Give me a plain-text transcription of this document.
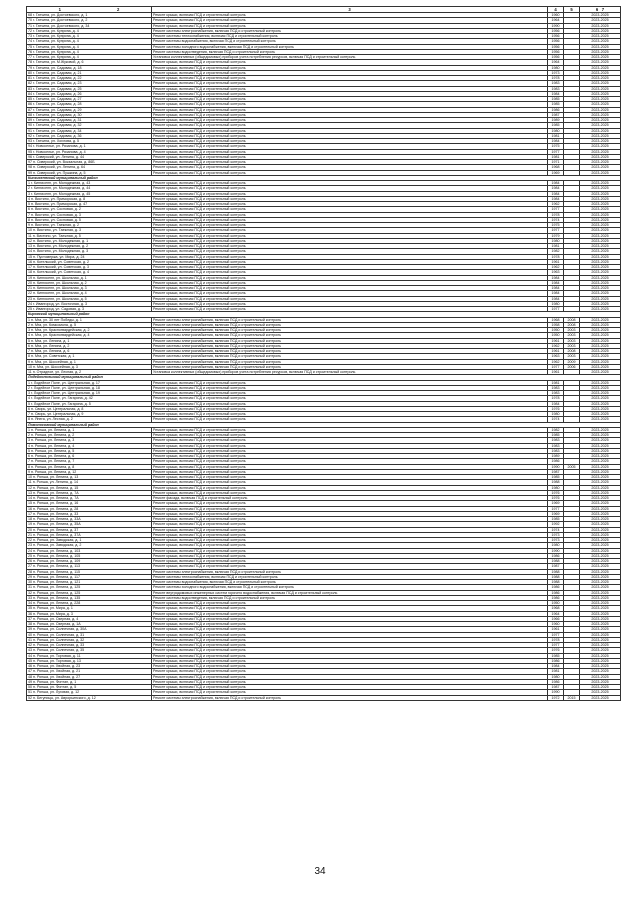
1 2	3	4	5	6 7
68 г. Гатчина, ул. Достоевского, д. 1	Ремонт крыши, включая ПСД и строительный контроль	1960		2023-2025
70 г. Гатчина, ул. Достоевского, д. 2	Ремонт крыши, включая ПСД и строительный контроль	1964		2023-2025
71 г. Гатчина, ул. Достоевского, д. 34	Ремонт крыши, включая ПСД и строительный контроль	1990		2023-2025
72 г. Гатчина, ул. Куприна, д. 4	Ремонт системы электроснабжения, включая ПСД и строительный контроль	1956		2023-2025
73 г. Гатчина, ул. Куприна, д. 4	Ремонт системы теплоснабжения, включая ПСД и строительный контроль	1956		2023-2025
74 г. Гатчина, ул. Куприна, д. 4	Ремонт системы водоснабжения, включая ПСД и строительный контроль	1956		2023-2025
75 г. Гатчина, ул. Куприна, д. 4	Ремонт системы холодного водоснабжения, включая ПСД и строительный контроль	1956		2023-2025
76 г. Гатчина, ул. Куприна, д. 4	Ремонт системы водоотведения, включая ПСД и строительный контроль	1956		2023-2025
77 г. Гатчина, ул. Куприна, д. 4	Установка коллективных (общедомовых) приборов учета потребления ресурсов, включая ПСД и строительный контроль	1956		2023-2025
78 г. Гатчина, ул. М.Жуковой, д. 6	Ремонт крыши, включая ПСД и строительный контроль	1964		2023-2025
79 г. Гатчина, ул. Садовая, д. 18	Ремонт крыши, включая ПСД и строительный контроль	1980		2023-2025
80 г. Гатчина, ул. Садовая, д. 21	Ремонт крыши, включая ПСД и строительный контроль	1973		2023-2025
81 г. Гатчина, ул. Садовая, д. 22	Ремонт крыши, включая ПСД и строительный контроль	1978		2023-2025
82 г. Гатчина, ул. Садовая, д. 23	Ремонт крыши, включая ПСД и строительный контроль	1983		2023-2025
83 г. Гатчина, ул. Садовая, д. 25	Ремонт крыши, включая ПСД и строительный контроль	1983		2023-2025
84 г. Гатчина, ул. Садовая, д. 26	Ремонт крыши, включая ПСД и строительный контроль	1984		2023-2025
85 г. Гатчина, ул. Садовая, д. 27	Ремонт крыши, включая ПСД и строительный контроль	1985		2023-2025
86 г. Гатчина, ул. Садовая, д. 28	Ремонт крыши, включая ПСД и строительный контроль	1985		2023-2025
87 г. Гатчина, ул. Садовая, д. 29	Ремонт крыши, включая ПСД и строительный контроль	1986		2023-2025
88 г. Гатчина, ул. Садовая, д. 30	Ремонт крыши, включая ПСД и строительный контроль	1987		2023-2025
89 г. Гатчина, ул. Садовая, д. 31	Ремонт крыши, включая ПСД и строительный контроль	1989		2023-2025
90 г. Гатчина, ул. Садовая, д. 32	Ремонт крыши, включая ПСД и строительный контроль	1985		2023-2025
91 г. Гатчина, ул. Садовая, д. 34	Ремонт крыши, включая ПСД и строительный контроль	1980		2023-2025
92 г. Гатчина, ул. Садовая, д. 36	Ремонт крыши, включая ПСД и строительный контроль	1981		2023-2025
93 г. Гатчина, ул. Хохлова, д. 5	Ремонт крыши, включая ПСД и строительный контроль	1984		2023-2025
94 г. Новоселье, ул. Рязанова, д. 1	Ремонт крыши, включая ПСД и строительный контроль	1975		2023-2025
95 г. Новоселье, ул. Рязанова, д. 4	Ремонт крыши, включая ПСД и строительный контроль	1977		2023-2025
96 г. Сиверский, ул. Ленина, д. 44	Ремонт крыши, включая ПСД и строительный контроль	1981		2023-2025
97 п. Сиверский, ул. Вокзальная, д. 86Б	Ремонт крыши, включая ПСД и строительный контроль	1971		2023-2025
98 п. Сиверский, ул. Ленина, д. 64	Ремонт крыши, включая ПСД и строительный контроль	1968		2023-2025
99 п. Сиверский, ул. Пушкина, д. 5	Ремонт крыши, включая ПСД и строительный контроль	1969		2023-2025
Кингисеппский муниципальный район				
1 г. Кингисепп, ул. Молодежная, д. 43	Ремонт крыши, включая ПСД и строительный контроль	1984		2023-2025
2 г. Кингисепп, ул. Молодежная, д. 44	Ремонт крыши, включая ПСД и строительный контроль	1984		2023-2025
3 г. Кингисепп, ул. Молодежная, д. 45	Ремонт крыши, включая ПСД и строительный контроль	1984		2023-2025
4 п. Вистино, ул. Приморская, д. 8	Ремонт крыши, включая ПСД и строительный контроль	1984		2023-2025
5 п. Вистино, ул. Приморская, д. 47	Ремонт крыши, включая ПСД и строительный контроль	1962		2023-2025
6 п. Вистино, ул. Сосновая, д. 2	Ремонт крыши, включая ПСД и строительный контроль	1977		2023-2025
7 п. Вистино, ул. Сосновая, д. 3	Ремонт крыши, включая ПСД и строительный контроль	1978		2023-2025
8 п. Вистино, ул. Сосновая, д. 5	Ремонт крыши, включая ПСД и строительный контроль	1974		2023-2025
9 п. Вистино, ул. Таежная, д. 2	Ремонт крыши, включая ПСД и строительный контроль	1975		2023-2025
10 п. Вистино, ул. Таежная, д. 3	Ремонт крыши, включая ПСД и строительный контроль	1977		2023-2025
11 п. Вистино, ул. Таежная, д. 5	Ремонт крыши, включая ПСД и строительный контроль	1979		2023-2025
12 п. Вистино, ул. Молодежная, д. 1	Ремонт крыши, включая ПСД и строительный контроль	1980		2023-2025
13 п. Вистино, ул. Молодежная, д. 2	Ремонт крыши, включая ПСД и строительный контроль	1981		2023-2025
14 п. Вистино, ул. Молодежная, д. 3	Ремонт крыши, включая ПСД и строительный контроль	1982		2023-2025
15 п. Пустомержа, ул. Мира, д. 24	Ремонт крыши, включая ПСД и строительный контроль	1978		2023-2025
16 п. Котельский, ул. Советская, д. 2	Ремонт крыши, включая ПСД и строительный контроль	1961		2023-2025
17 п. Котельский, ул. Советская, д. 3	Ремонт крыши, включая ПСД и строительный контроль	1962		2023-2025
18 п. Котельский, ул. Советская, д. 4	Ремонт крыши, включая ПСД и строительный контроль	1963		2023-2025
19 п. Кингисепп, ул. Школьная, д. 1	Ремонт крыши, включая ПСД и строительный контроль	1984		2023-2025
20 п. Кингисепп, ул. Школьная, д. 2	Ремонт крыши, включая ПСД и строительный контроль	1984		2023-2025
21 п. Кингисепп, ул. Школьная, д. 3	Ремонт крыши, включая ПСД и строительный контроль	1984		2023-2025
22 п. Кингисепп, ул. Школьная, д. 4	Ремонт крыши, включая ПСД и строительный контроль	1984		2023-2025
23 п. Кингисепп, ул. Школьная, д. 5	Ремонт крыши, включая ПСД и строительный контроль	1984		2023-2025
24 г. Ивангород, ул. Восточная, д. 3	Ремонт крыши, включая ПСД и строительный контроль	1980		2023-2025
25 г. Ивангород, ул. Садовая, д. 3	Ремонт крыши, включая ПСД и строительный контроль	1977		2023-2025
Кировский муниципальный район				
1 п. Мга, ул. 30 лет Победы, д. 1	Ремонт системы электроснабжения, включая ПСД и строительный контроль	1968	2008	2023-2025
2 п. Мга, ул. Комсомола, д. 5	Ремонт системы электроснабжения, включая ПСД и строительный контроль	1958	2008	2023-2025
3 п. Мга, ул. Красногвардейская, д. 2	Ремонт системы электроснабжения, включая ПСД и строительный контроль	1950	2003	2023-2025
4 п. Мга, ул. Красногвардейская, д. 4	Ремонт системы электроснабжения, включая ПСД и строительный контроль	1950	2003	2023-2025
5 п. Мга, ул. Ленина, д. 1	Ремонт системы электроснабжения, включая ПСД и строительный контроль	1961	2003	2023-2025
6 п. Мга, ул. Ленина, д. 2	Ремонт системы электроснабжения, включая ПСД и строительный контроль	1962	2003	2023-2025
7 п. Мга, ул. Ленина, д. 6	Ремонт системы электроснабжения, включая ПСД и строительный контроль	1961	2008	2023-2025
8 п. Мга, ул. Советская, д. 1	Ремонт системы электроснабжения, включая ПСД и строительный контроль	1963	2003	2023-2025
9 п. Мга, ул. Шоссейная, д. 1	Ремонт системы электроснабжения, включая ПСД и строительный контроль	1962	2009	2023-2025
10 п. Мга, ул. Шоссейная, д. 3	Ремонт системы электроснабжения, включая ПСД и строительный контроль	1977	2006	2023-2025
11 п. Отрадное, ул. Лесная, д. 2	Установка коллективных (общедомовых) приборов учета потребления ресурсов, включая ПСД и строительный контроль	1961		2023-2025
Лодейнопольский муниципальный район				
1 г. Лодейное Поле, ул. Центральная, д. 17	Ремонт крыши, включая ПСД и строительный контроль	1981		2023-2025
2 г. Лодейное Поле, ул. Центральная, д. 18	Ремонт крыши, включая ПСД и строительный контроль	1983		2023-2025
3 г. Лодейное Поле, ул. Центральная, д. 19	Ремонт крыши, включая ПСД и строительный контроль	1983		2023-2025
4 г. Лодейное Поле, ул. Гагарина, д. 42	Ремонт крыши, включая ПСД и строительный контроль	1978		2023-2025
5 г. Лодейное Поле, ул. Гагарина, д. 5	Ремонт крыши, включая ПСД и строительный контроль	1984		2023-2025
6 п. Свирь, ул. Центральная, д. 8	Ремонт крыши, включая ПСД и строительный контроль	1976		2023-2025
7 п. Свирь, ул. Центральная, д. 9	Ремонт крыши, включая ПСД и строительный контроль	1980		2023-2025
8 п. Янега, ул. Лесная, д. 2	Ремонт крыши, включая ПСД и строительный контроль	1974		2023-2025
Ломоносовский муниципальный район				
1 п. Ропша, ул. Ленина, д. 1	Ремонт крыши, включая ПСД и строительный контроль	1982		2023-2025
2 п. Ропша, ул. Ленина, д. 2	Ремонт крыши, включая ПСД и строительный контроль	1985		2023-2025
3 п. Ропша, ул. Ленина, д. 3	Ремонт крыши, включая ПСД и строительный контроль	1983		2023-2025
4 п. Ропша, ул. Ленина, д. 4	Ремонт крыши, включая ПСД и строительный контроль	1983		2023-2025
5 п. Ропша, ул. Ленина, д. 5	Ремонт крыши, включая ПСД и строительный контроль	1983		2023-2025
6 п. Ропша, ул. Ленина, д. 6	Ремонт крыши, включая ПСД и строительный контроль	1989		2023-2025
7 п. Ропша, ул. Ленина, д. 7	Ремонт крыши, включая ПСД и строительный контроль	1986		2023-2025
8 п. Ропша, ул. Ленина, д. 8	Ремонт крыши, включая ПСД и строительный контроль	1990	2005	2023-2025
9 п. Ропша, ул. Ленина, д. 12	Ремонт крыши, включая ПСД и строительный контроль	1987		2023-2025
10 п. Ропша, ул. Ленина, д. 13	Ремонт крыши, включая ПСД и строительный контроль	1985		2023-2025
11 п. Ропша, ул. Ленина, д. 14	Ремонт крыши, включая ПСД и строительный контроль	1988		2023-2025
12 п. Ропша, ул. Ленина, д. 15	Ремонт крыши, включая ПСД и строительный контроль	1980		2023-2025
13 п. Ропша, ул. Ленина, д. 7А	Ремонт крыши, включая ПСД и строительный контроль	1976		2023-2025
14 п. Ропша, ул. Ленина, д. 7А	Ремонт фасада, включая ПСД и строительный контроль	1976		2023-2025
15 п. Ропша, ул. Ленина, д. 16	Ремонт крыши, включая ПСД и строительный контроль	1969		2023-2025
16 п. Ропша, ул. Ленина, д. 28	Ремонт крыши, включая ПСД и строительный контроль	1977		2023-2025
17 п. Ропша, ул. Ленина, д. 33	Ремонт крыши, включая ПСД и строительный контроль	1969		2023-2025
18 п. Ропша, ул. Ленина, д. 33А	Ремонт крыши, включая ПСД и строительный контроль	1985		2023-2025
19 п. Ропша, ул. Ленина, д. 35А	Ремонт крыши, включая ПСД и строительный контроль	1992		2023-2025
20 п. Ропша, ул. Ленина, д. 37	Ремонт крыши, включая ПСД и строительный контроль	1974		2023-2025
21 п. Ропша, ул. Ленина, д. 37А	Ремонт крыши, включая ПСД и строительный контроль	1973		2023-2025
22 п. Ропша, ул. Заводская, д. 1	Ремонт крыши, включая ПСД и строительный контроль	1973		2023-2025
23 п. Ропша, ул. Заводская, д. 2	Ремонт крыши, включая ПСД и строительный контроль	1980		2023-2025
24 п. Ропша, ул. Ленина, д. 103	Ремонт крыши, включая ПСД и строительный контроль	1990		2023-2025
25 п. Ропша, ул. Ленина, д. 105	Ремонт крыши, включая ПСД и строительный контроль	1986		2023-2025
26 п. Ропша, ул. Ленина, д. 109	Ремонт крыши, включая ПСД и строительный контроль	1988		2023-2025
27 п. Ропша, ул. Ленина, д. 113	Ремонт крыши, включая ПСД и строительный контроль	1987		2023-2025
28 п. Ропша, ул. Ленина, д. 115	Ремонт системы электроснабжения, включая ПСД и строительный контроль	1988		2023-2025
29 п. Ропша, ул. Ленина, д. 117	Ремонт системы теплоснабжения, включая ПСД и строительный контроль	1988		2023-2025
30 п. Ропша, ул. Ленина, д. 121	Ремонт системы водоснабжения, включая ПСД и строительный контроль	1988		2023-2025
31 п. Ропша, ул. Ленина, д. 125	Ремонт системы холодного водоснабжения, включая ПСД и строительный контроль	1986		2023-2025
32 п. Ропша, ул. Ленина, д. 125	Ремонт внутридомовых инженерных систем горячего водоснабжения, включая ПСД и строительный контроль	1986		2023-2025
33 п. Ропша, ул. Ленина, д. 135	Ремонт системы водоотведения, включая ПСД и строительный контроль	1986		2023-2025
34 п. Ропша, ул. Ленина, д. 228	Ремонт крыши, включая ПСД и строительный контроль	1950		2023-2025
35 п. Ропша, ул. Мира, д. 1	Ремонт крыши, включая ПСД и строительный контроль	1968		2023-2025
36 п. Ропша, ул. Мира, д. 3	Ремонт крыши, включая ПСД и строительный контроль	1964		2023-2025
37 п. Ропша, ул. Озерная, д. 4	Ремонт крыши, включая ПСД и строительный контроль	1966		2023-2025
38 п. Ропша, ул. Озерная, д. 1А	Ремонт крыши, включая ПСД и строительный контроль	1960		2023-2025
39 п. Ропша, ул. Солнечная, д. 30А	Ремонт крыши, включая ПСД и строительный контроль	1961		2023-2025
40 п. Ропша, ул. Солнечная, д. 31	Ремонт крыши, включая ПСД и строительный контроль	1977		2023-2025
41 п. Ропша, ул. Солнечная, д. 32	Ремонт крыши, включая ПСД и строительный контроль	1978		2023-2025
42 п. Ропша, ул. Солнечная, д. 33	Ремонт крыши, включая ПСД и строительный контроль	1977		2023-2025
43 п. Ропша, ул. Солнечная, д. 35	Ремонт крыши, включая ПСД и строительный контроль	1976		2023-2025
44 п. Ропша, ул. Торговая, д. 11	Ремонт крыши, включая ПСД и строительный контроль	1985		2023-2025
45 п. Ропша, ул. Торговая, д. 13	Ремонт крыши, включая ПСД и строительный контроль	1986		2023-2025
46 п. Ропша, ул. Хвойная, д. 23	Ремонт крыши, включая ПСД и строительный контроль	1984		2023-2025
47 п. Ропша, ул. Хвойная, д. 21	Ремонт крыши, включая ПСД и строительный контроль	1981		2023-2025
48 п. Ропша, ул. Хвойная, д. 27	Ремонт крыши, включая ПСД и строительный контроль	1980		2023-2025
49 п. Ропша, ул. Фонтан, д. 1	Ремонт крыши, включая ПСД и строительный контроль	1986		2023-2025
50 п. Ропша, ул. Фонтан, д. 5	Ремонт крыши, включая ПСД и строительный контроль	1987		2023-2025
51 п. Ропша, ул. Луговая, д. 12	Ремонт крыши, включая ПСД и строительный контроль	1990		2023-2025
52 п. Бегуницы, ул. Аврорьинского, д. 12	Ремонт системы электроснабжения, включая ПСД и строительный контроль	1972	2015	2023-2025
34
